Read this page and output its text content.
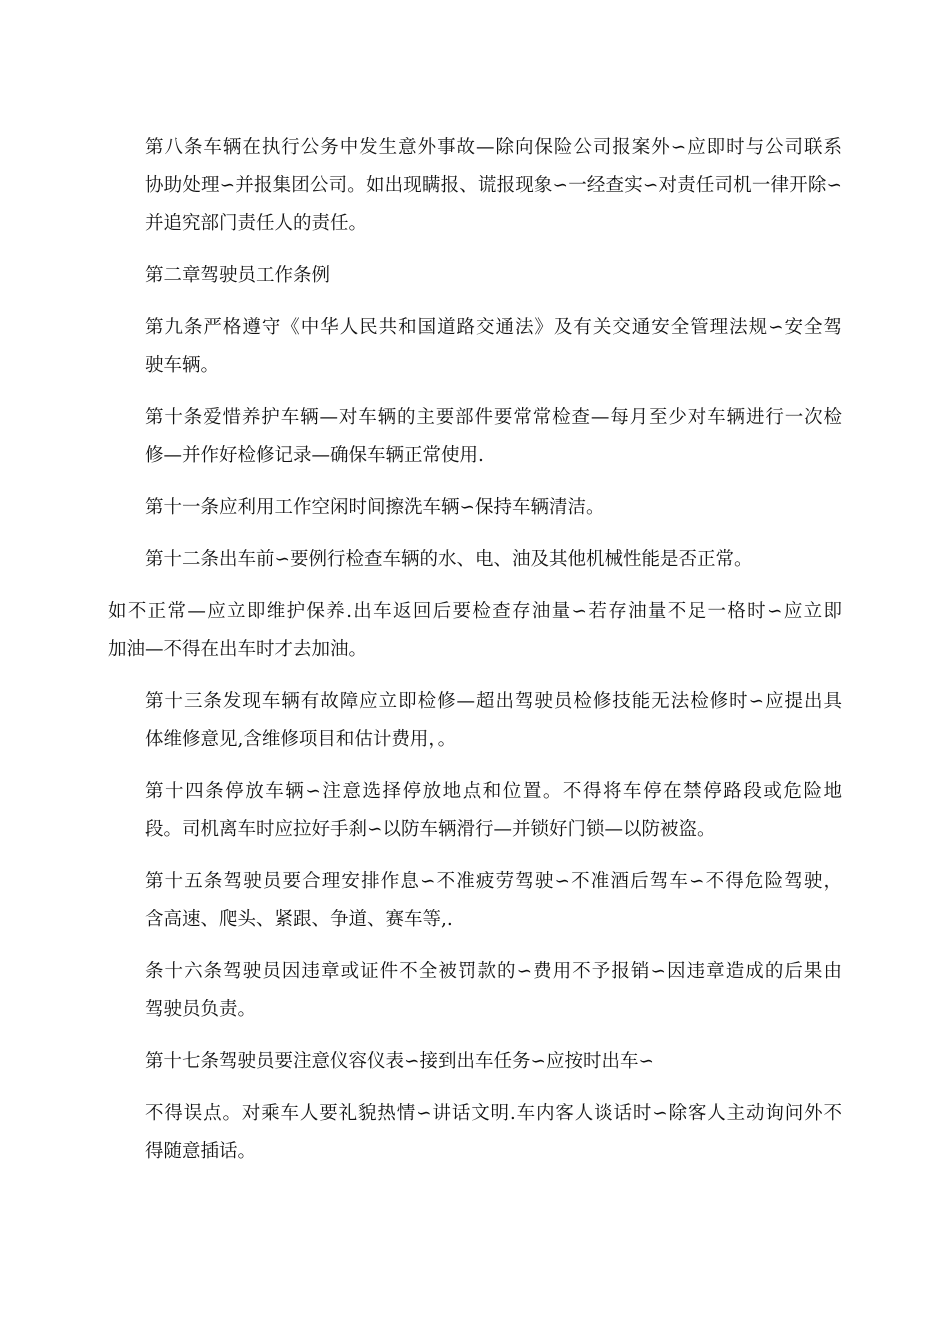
第八条车辆在执行公务中发生意外事故—除向保险公司报案外∽应即时与公司联系
协助处理∽并报集团公司。如出现瞒报、谎报现象∽一经查实∽对责任司机一律开除∽
并追究部门责任人的责任。

第二章驾驶员工作条例

第九条严格遵守《中华人民共和国道路交通法》及有关交通安全管理法规∽安全驾
驶车辆。

第十条爱惜养护车辆—对车辆的主要部件要常常检查—每月至少对车辆进行一次检
修—并作好检修记录—确保车辆正常使用.

第十一条应利用工作空闲时间擦洗车辆∽保持车辆清洁。

第十二条出车前∽要例行检查车辆的水、电、油及其他机械性能是否正常。

如不正常—应立即维护保养.出车返回后要检查存油量∽若存油量不足一格时∽应立即
加油—不得在出车时才去加油。

第十三条发现车辆有故障应立即检修—超出驾驶员检修技能无法检修时∽应提出具
体维修意见,含维修项目和估计费用，。

第十四条停放车辆∽注意选择停放地点和位置。不得将车停在禁停路段或危险地
段。司机离车时应拉好手刹∽以防车辆滑行—并锁好门锁—以防被盗。

第十五条驾驶员要合理安排作息∽不准疲劳驾驶∽不准酒后驾车∽不得危险驾驶，
含高速、爬头、紧跟、争道、赛车等,.

条十六条驾驶员因违章或证件不全被罚款的∽费用不予报销∽因违章造成的后果由
驾驶员负责。

第十七条驾驶员要注意仪容仪表∽接到出车任务∽应按时出车∽

不得误点。对乘车人要礼貌热情∽讲话文明.车内客人谈话时∽除客人主动询问外不
得随意插话。
